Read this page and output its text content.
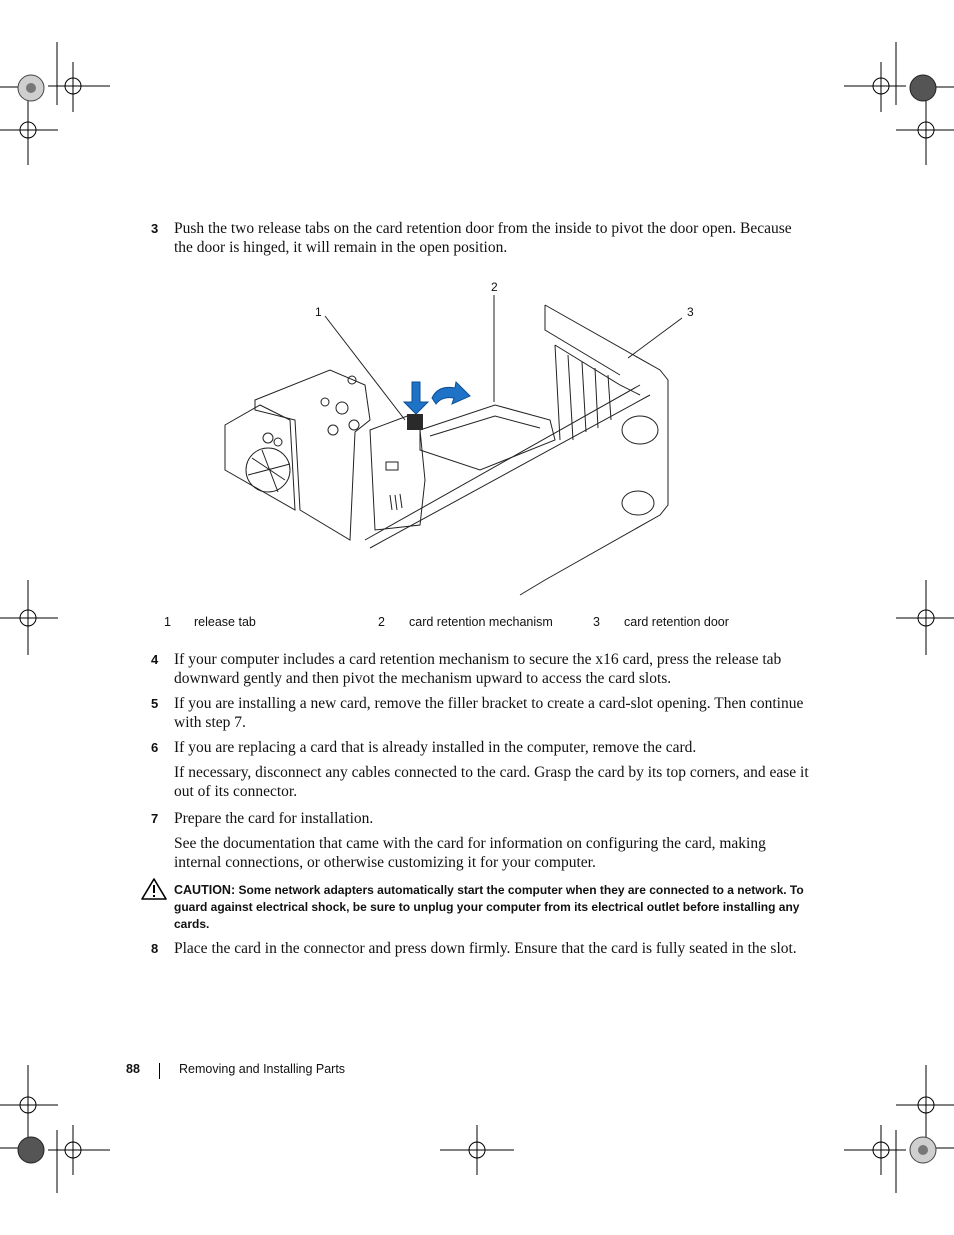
3 Push the two release tabs on the card retention door from the inside to pivot the door open. Because the door is hinged, it will remain in the open position.
2
1	3
1 release tab	2 card retention mechanism	3 card retention door
4 If your computer includes a card retention mechanism to secure the x16 card, press the release tab downward gently and then pivot the mechanism upward to access the card slots.
5 If you are installing a new card, remove the filler bracket to create a card-slot opening. Then continue with step 7.
6 If you are replacing a card that is already installed in the computer, remove the card.
If necessary, disconnect any cables connected to the card. Grasp the card by its top corners, and ease it out of its connector.
7 Prepare the card for installation.
See the documentation that came with the card for information on configuring the card, making internal connections, or otherwise customizing it for your computer.
CAUTION: Some network adapters automatically start the computer when they are connected to a network. To guard against electrical shock, be sure to unplug your computer from its electrical outlet before installing any cards.
8 Place the card in the connector and press down firmly. Ensure that the card is fully seated in the slot.
88	Removing and Installing Parts
